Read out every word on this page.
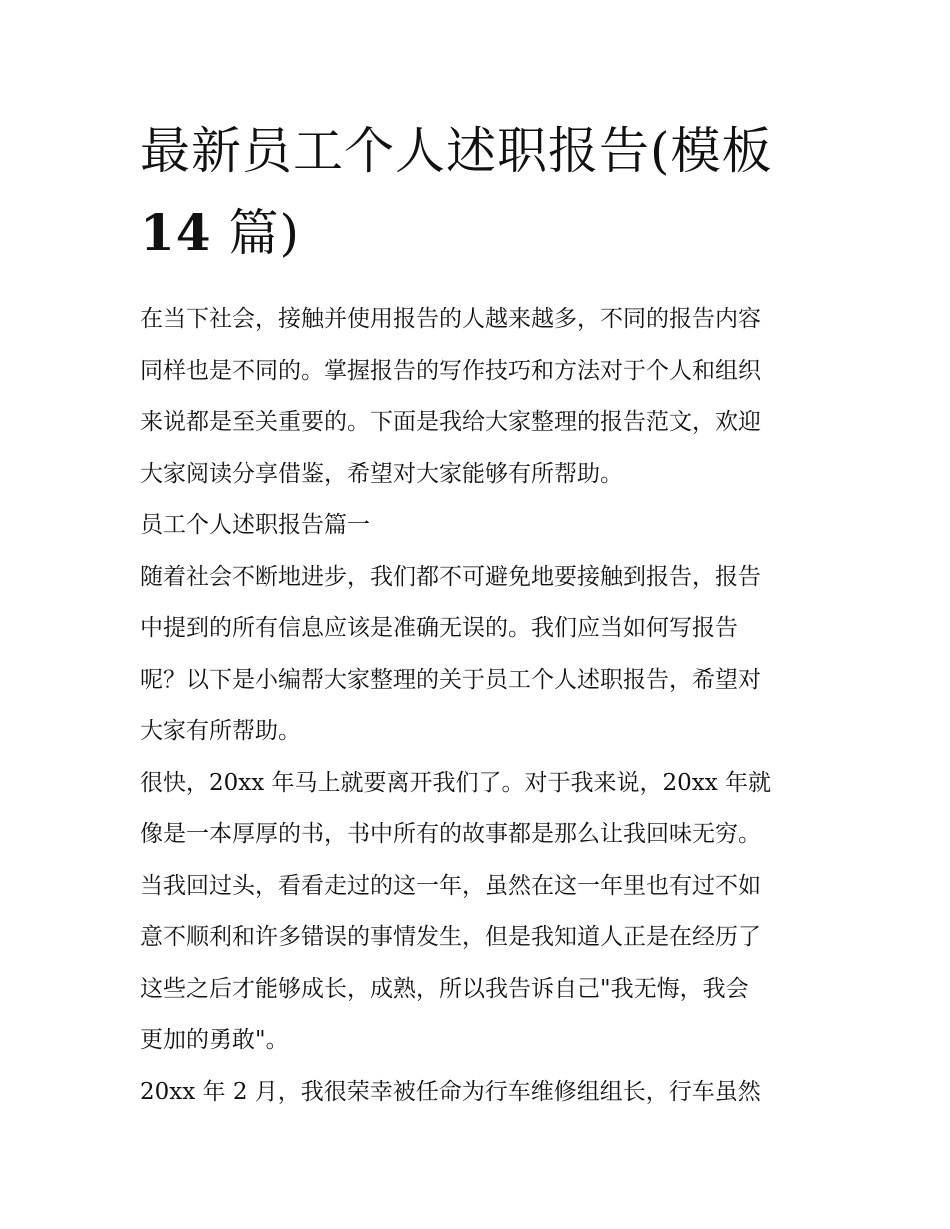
最新员工个人述职报告(模板
14 篇)
在当下社会，接触并使用报告的人越来越多，不同的报告内容
同样也是不同的。掌握报告的写作技巧和方法对于个人和组织
来说都是至关重要的。下面是我给大家整理的报告范文，欢迎
大家阅读分享借鉴，希望对大家能够有所帮助。
员工个人述职报告篇一
随着社会不断地进步，我们都不可避免地要接触到报告，报告
中提到的所有信息应该是准确无误的。我们应当如何写报告
呢？以下是小编帮大家整理的关于员工个人述职报告，希望对
大家有所帮助。
很快，20xx 年马上就要离开我们了。对于我来说，20xx 年就
像是一本厚厚的书，书中所有的故事都是那么让我回味无穷。
当我回过头，看看走过的这一年，虽然在这一年里也有过不如
意不顺利和许多错误的事情发生，但是我知道人正是在经历了
这些之后才能够成长，成熟，所以我告诉自己"我无悔，我会
更加的勇敢"。
20xx 年 2 月，我很荣幸被任命为行车维修组组长，行车虽然
